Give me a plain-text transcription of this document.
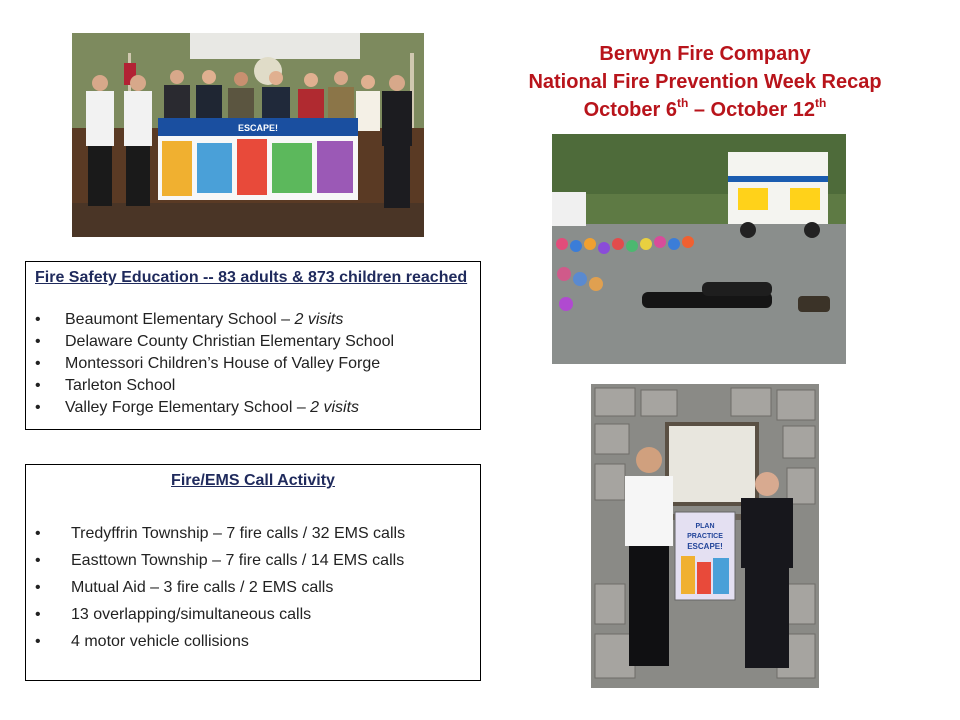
Berwyn Fire Company
National Fire Prevention Week Recap
October 6th – October 12th
ESCAPE!
PLAN
PRACTICE
ESCAPE!
Fire Safety Education -- 83 adults & 873 children reached
• Beaumont Elementary School – 2 visits
• Delaware County Christian Elementary School
• Montessori Children’s House of Valley Forge
• Tarleton School
• Valley Forge Elementary School – 2 visits
Fire/EMS Call Activity
• Tredyffrin Township – 7 fire calls / 32 EMS calls
• Easttown Township – 7 fire calls / 14 EMS calls
• Mutual Aid – 3 fire calls / 2 EMS calls
• 13 overlapping/simultaneous calls
• 4 motor vehicle collisions
